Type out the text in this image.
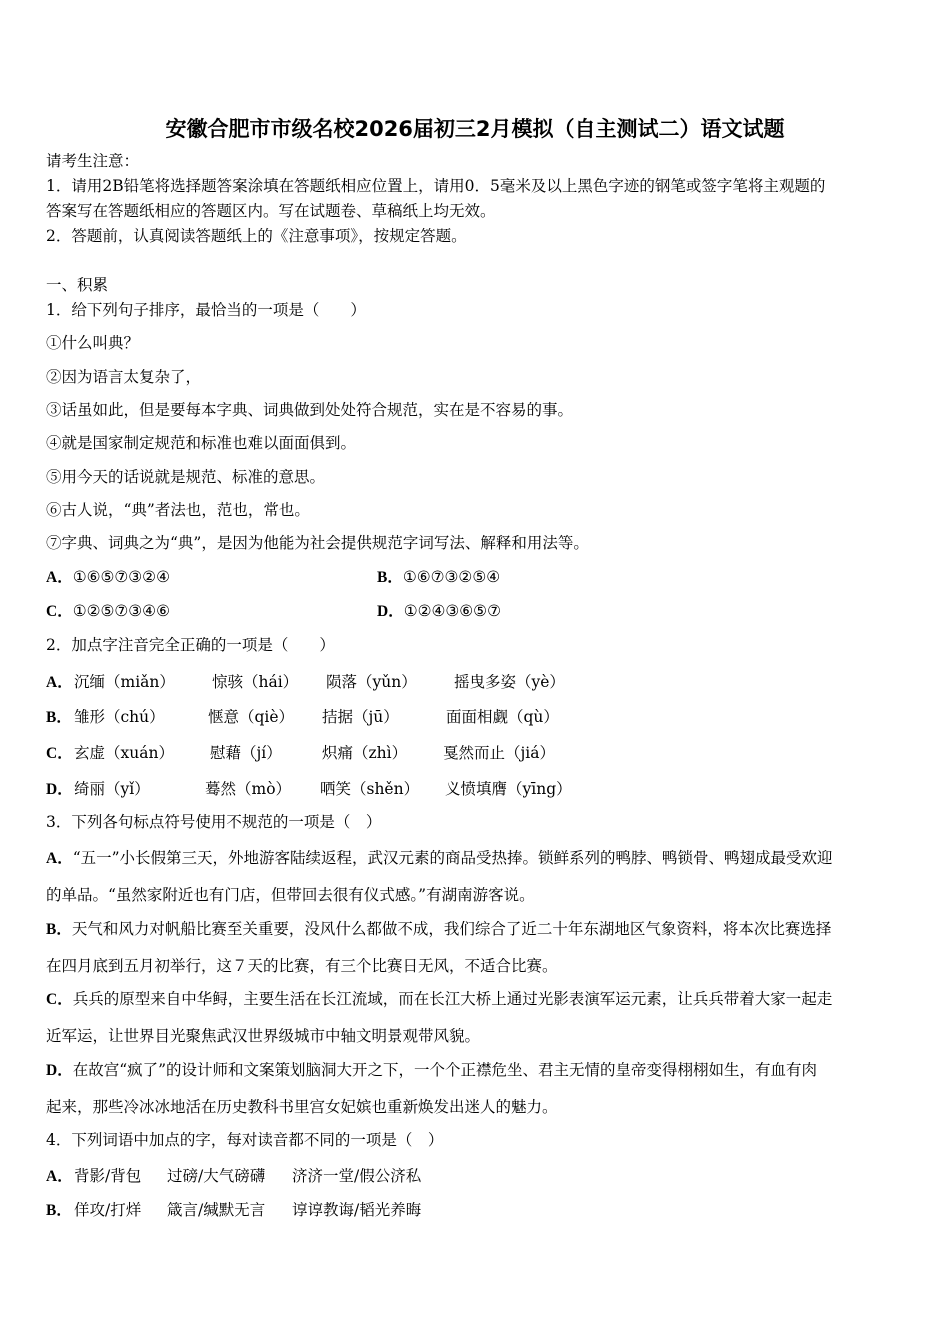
安徽合肥市市级名校2026届初三2月模拟（自主测试二）语文试题
请考生注意：
1．请用2B铅笔将选择题答案涂填在答题纸相应位置上，请用0．5毫米及以上黑色字迹的钢笔或签字笔将主观题的
答案写在答题纸相应的答题区内。写在试题卷、草稿纸上均无效。
2．答题前，认真阅读答题纸上的《注意事项》，按规定答题。
一、积累
1．给下列句子排序，最恰当的一项是（　　）
①什么叫典？
②因为语言太复杂了，
③话虽如此，但是要每本字典、词典做到处处符合规范，实在是不容易的事。
④就是国家制定规范和标准也难以面面俱到。
⑤用今天的话说就是规范、标准的意思。
⑥古人说，“典”者法也，范也，常也。
⑦字典、词典之为“典”，是因为他能为社会提供规范字词写法、解释和用法等。
A．①⑥⑤⑦③②④	B．①⑥⑦③②⑤④
C．①②⑤⑦③④⑥	D．①②④③⑥⑤⑦
2．加点字注音完全正确的一项是（　　）
A． 沉缅（miǎn） 惊骇（hái） 陨落（yǔn） 摇曳多姿（yè）
B． 雏形（chú）	惬意（qiè） 拮据（jū）	面面相觑（qù）
C． 玄虚（xuán） 慰藉（jí）	炽痛（zhì） 戛然而止（jiá）
D． 绮丽（yǐ）	蓦然（mò） 哂笑（shěn） 义愤填膺（yīng）
3．下列各句标点符号使用不规范的一项是（　）
A．“五一”小长假第三天，外地游客陆续返程，武汉元素的商品受热捧。锁鲜系列的鸭脖、鸭锁骨、鸭翅成最受欢迎
的单品。“虽然家附近也有门店，但带回去很有仪式感。”有湖南游客说。
B．天气和风力对帆船比赛至关重要，没风什么都做不成，我们综合了近二十年东湖地区气象资料，将本次比赛选择
在四月底到五月初举行，这７天的比赛，有三个比赛日无风，不适合比赛。
C．兵兵的原型来自中华鲟，主要生活在长江流域，而在长江大桥上通过光影表演军运元素，让兵兵带着大家一起走
近军运，让世界目光聚焦武汉世界级城市中轴文明景观带风貌。
D．在故宫“疯了”的设计师和文案策划脑洞大开之下，一个个正襟危坐、君主无情的皇帝变得栩栩如生，有血有肉
起来，那些冷冰冰地活在历史教科书里宫女妃嫔也重新焕发出迷人的魅力。
4．下列词语中加点的字，每对读音都不同的一项是（　）
A． 背影/背包 过磅/大气磅礴 济济一堂/假公济私
B． 佯攻/打烊 箴言/缄默无言 谆谆教诲/韬光养晦
